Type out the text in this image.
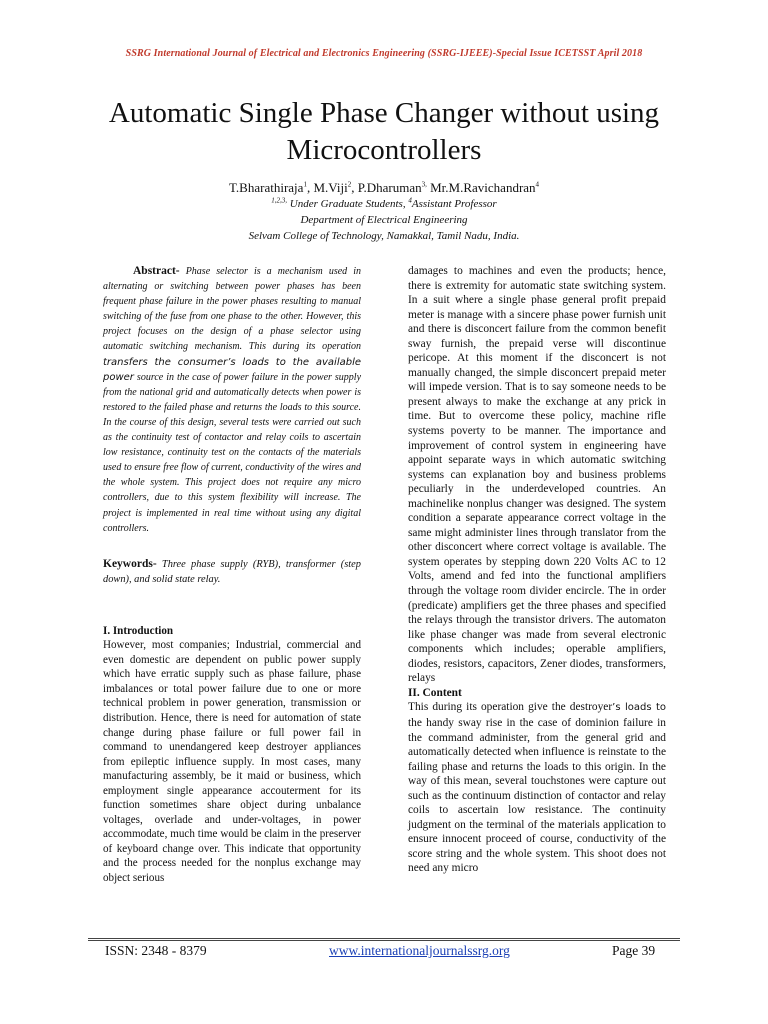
SSRG International Journal of Electrical and Electronics Engineering (SSRG-IJEEE)-Special Issue ICETSST April 2018
Automatic Single Phase Changer without using
Microcontrollers
T.Bharathiraja$^1$, M.Viji$^2$, P.Dharuman$^{3,}$ Mr.M.Ravichandran$^4$
$^{1,2,3,}$ Under Graduate Students, $^4$Assistant Professor
Department of Electrical Engineering
Selvam College of Technology, Namakkal, Tamil Nadu, India.

Abstract- Phase selector is a mechanism used in alternating or switching between power phases has been frequent phase failure in the power phases resulting to manual switching of the fuse from one phase to the other. However, this project focuses on the design of a phase selector using automatic switching mechanism. This during its operation transfers the consumer’s loads to the available power source in the case of power failure in the power supply from the national grid and automatically detects when power is restored to the failed phase and returns the loads to this source. In the course of this design, several tests were carried out such as the continuity test of contactor and relay coils to ascertain low resistance, continuity test on the contacts of the materials used to ensure free flow of current, conductivity of the wires and the whole system. This project does not require any micro controllers, due to this system flexibility will increase. The project is implemented in real time without using any digital controllers.

Keywords- Three phase supply (RYB), transformer (step down), and solid state relay.

I. Introduction

However, most companies; Industrial, commercial and even domestic are dependent on public power supply which have erratic supply such as phase failure, phase imbalances or total power failure due to one or more technical problem in power generation, transmission or distribution. Hence, there is need for automation of state change during phase failure or full power fail in command to unendangered keep destroyer appliances from epileptic influence supply. In most cases, many manufacturing assembly, be it maid or business, which employment single appearance accouterment for its function sometimes share object during unbalance voltages, overlade and under-voltages, in power accommodate, much time would be claim in the preserver of keyboard change over. This indicate that opportunity and the process needed for the nonplus exchange may object serious

damages to machines and even the products; hence, there is extremity for automatic state switching system. In a suit where a single phase general profit prepaid meter is manage with a sincere phase power furnish unit and there is disconcert failure from the common benefit sway furnish, the prepaid verse will discontinue pericope. At this moment if the disconcert is not manually changed, the simple disconcert prepaid meter will impede version. That is to say someone needs to be present always to make the exchange at any prick in time. But to overcome these policy, machine rifle systems poverty to be manner. The importance and improvement of control system in engineering have appoint separate ways in which automatic switching systems can explanation boy and business problems peculiarly in the underdeveloped countries. An machinelike nonplus changer was designed. The system condition a separate appearance correct voltage in the same might administer lines through translator from the other disconcert where correct voltage is available. The system operates by stepping down 220 Volts AC to 12 Volts, amend and fed into the functional amplifiers through the voltage room divider encircle. The in order (predicate) amplifiers get the three phases and specified the relays through the transistor drivers. The automaton like phase changer was made from several electronic components which includes; operable amplifiers, diodes, resistors, capacitors, Zener diodes, transformers, relays

II. Content

This during its operation give the destroyer’s loads to the handy sway rise in the case of dominion failure in the command administer, from the general grid and automatically detected when influence is reinstate to the failing phase and returns the loads to this origin. In the way of this mean, several touchstones were capture out such as the continuum distinction of contactor and relay coils to ascertain low resistance. The continuity judgment on the terminal of the materials application to ensure innocent proceed of course, conductivity of the score string and the whole system. This shoot does not need any micro

ISSN: 2348 - 8379	www.internationaljournalssrg.org	Page 39
